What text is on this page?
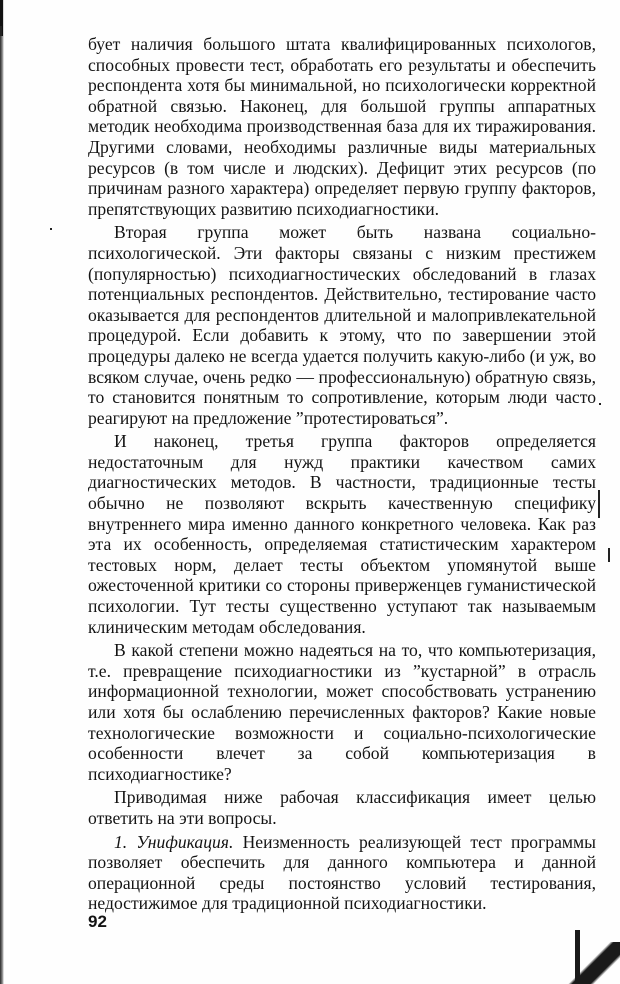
бует наличия большого штата квалифицированных психологов, способных провести тест, обработать его результаты и обеспечить респондента хотя бы минимальной, но психологически корректной обратной связью. Наконец, для большой группы аппаратных методик необходима производственная база для их тиражирования. Другими словами, необходимы различные виды материальных ресурсов (в том числе и людских). Дефицит этих ресурсов (по причинам разного характера) определяет первую группу факторов, препятствующих развитию психодиагностики.

Вторая группа может быть названа социально-психологической. Эти факторы связаны с низким престижем (популярностью) психодиагностических обследований в глазах потенциальных респондентов. Действительно, тестирование часто оказывается для респондентов длительной и малопривлекательной процедурой. Если добавить к этому, что по завершении этой процедуры далеко не всегда удается получить какую-либо (и уж, во всяком случае, очень редко — профессиональную) обратную связь, то становится понятным то сопротивление, которым люди часто реагируют на предложение ”протестироваться”.

И наконец, третья группа факторов определяется недостаточным для нужд практики качеством самих диагностических методов. В частности, традиционные тесты обычно не позволяют вскрыть качественную специфику внутреннего мира именно данного конкретного человека. Как раз эта их особенность, определяемая статистическим характером тестовых норм, делает тесты объектом упомянутой выше ожесточенной критики со стороны приверженцев гуманистической психологии. Тут тесты существенно уступают так называемым клиническим методам обследования.

В какой степени можно надеяться на то, что компьютеризация, т.е. превращение психодиагностики из ”кустарной” в отрасль информационной технологии, может способствовать устранению или хотя бы ослаблению перечисленных факторов? Какие новые технологические возможности и социально-психологические особенности влечет за собой компьютеризация в психодиагностике?

Приводимая ниже рабочая классификация имеет целью ответить на эти вопросы.

1. Унификация. Неизменность реализующей тест программы позволяет обеспечить для данного компьютера и данной операционной среды постоянство условий тестирования, недостижимое для традиционной психодиагностики.

92
